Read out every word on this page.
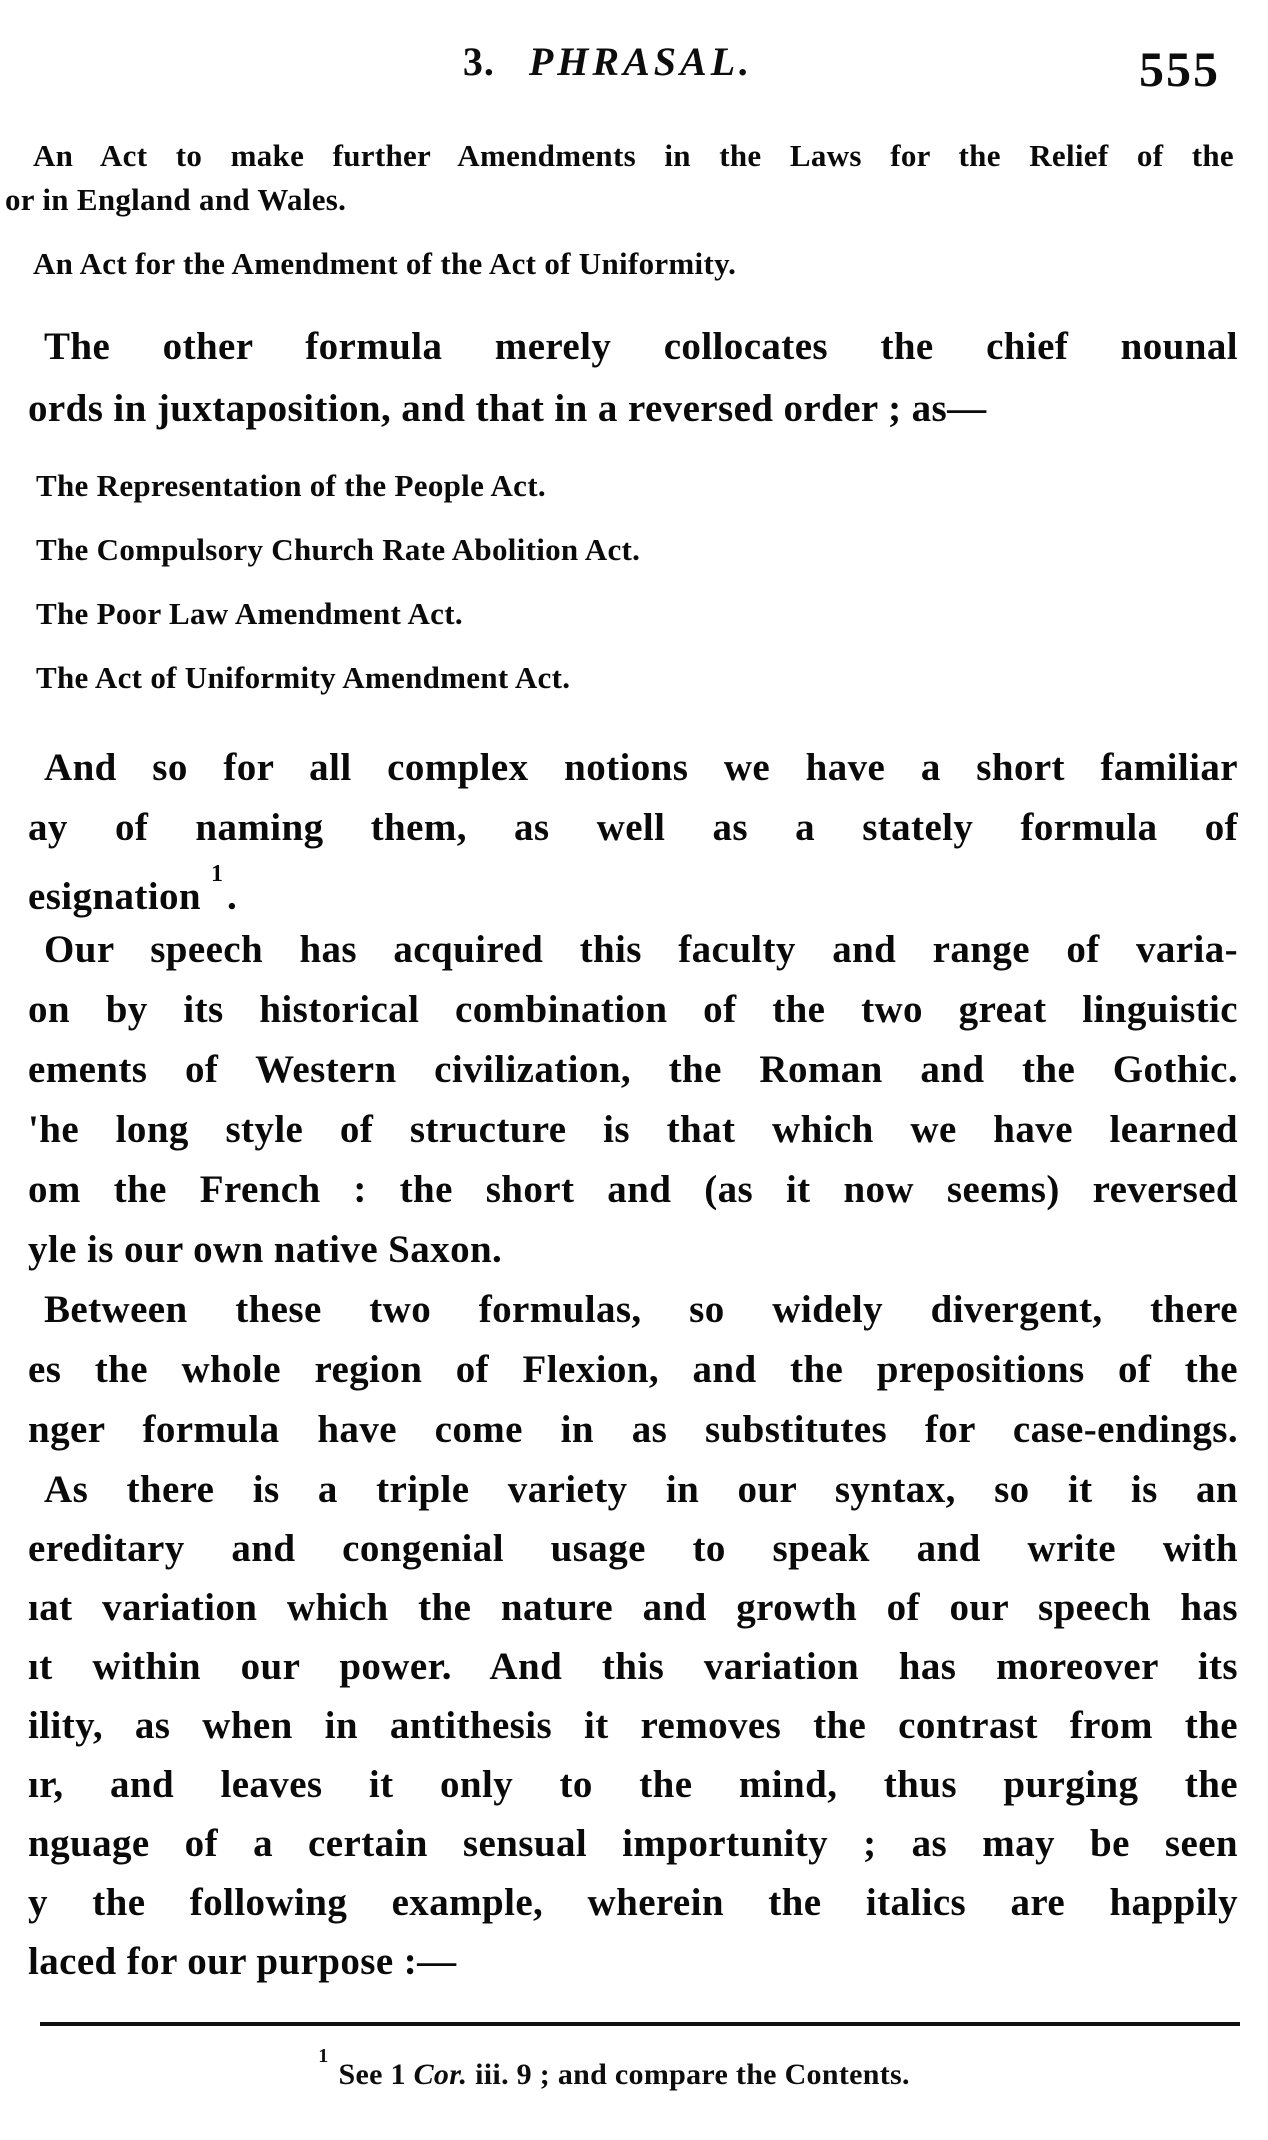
3. PHRASAL.	555
An Act to make further Amendments in the Laws for the Relief of the
or in England and Wales.
An Act for the Amendment of the Act of Uniformity.
The other formula merely collocates the chief nounal
ords in juxtaposition, and that in a reversed order ; as—
The Representation of the People Act.
The Compulsory Church Rate Abolition Act.
The Poor Law Amendment Act.
The Act of Uniformity Amendment Act.
And so for all complex notions we have a short familiar
ay of naming them, as well as a stately formula of
esignation$^1$.
Our speech has acquired this faculty and range of varia-
on by its historical combination of the two great linguistic
ements of Western civilization, the Roman and the Gothic.
'he long style of structure is that which we have learned
om the French : the short and (as it now seems) reversed
yle is our own native Saxon.
Between these two formulas, so widely divergent, there
es the whole region of Flexion, and the prepositions of the
nger formula have come in as substitutes for case-endings.
As there is a triple variety in our syntax, so it is an
ereditary and congenial usage to speak and write with
ıat variation which the nature and growth of our speech has
ıt within our power. And this variation has moreover its
ility, as when in antithesis it removes the contrast from the
ır, and leaves it only to the mind, thus purging the
nguage of a certain sensual importunity ; as may be seen
y the following example, wherein the italics are happily
laced for our purpose :—
$^1$See 1 Cor. iii. 9 ; and compare the Contents.
